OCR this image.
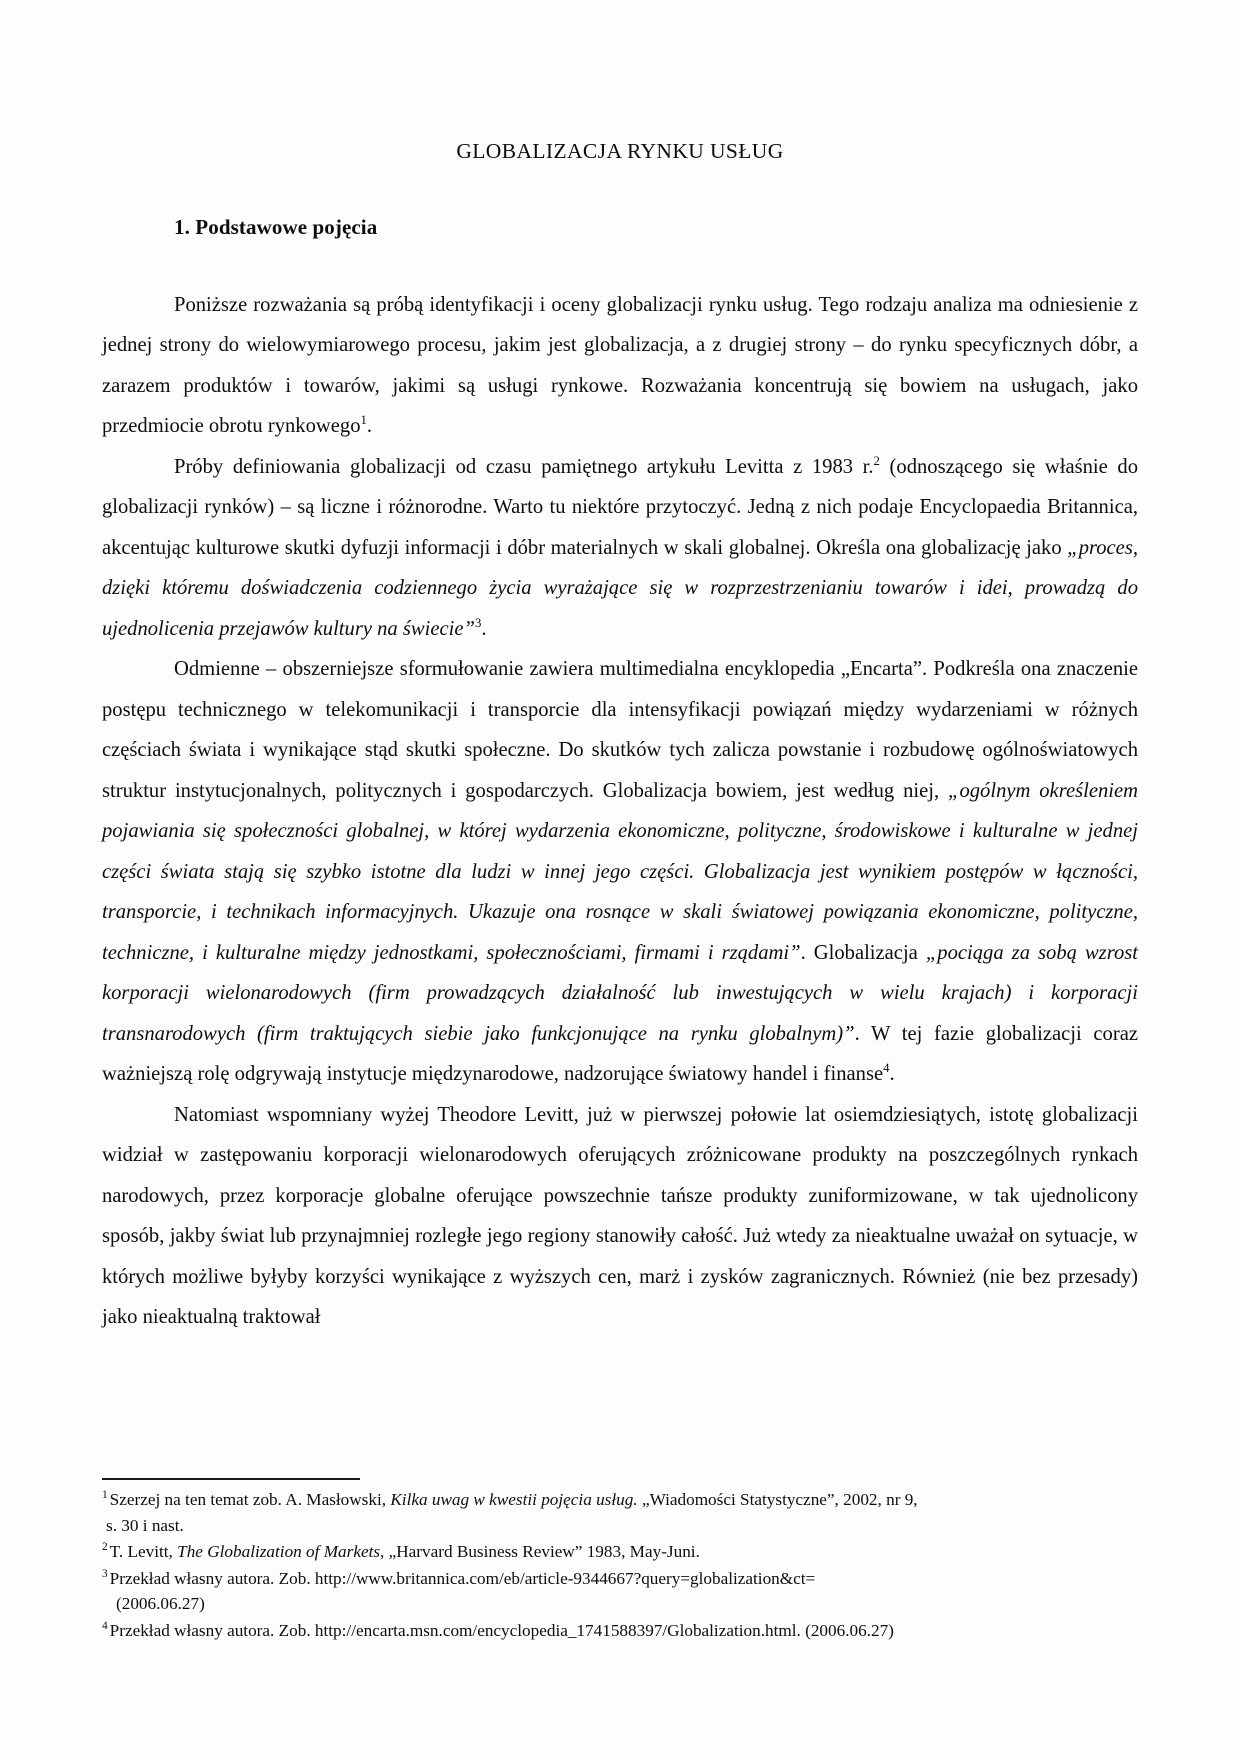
GLOBALIZACJA RYNKU USŁUG
1. Podstawowe pojęcia

Poniższe rozważania są próbą identyfikacji i oceny globalizacji rynku usług. Tego rodzaju analiza ma odniesienie z jednej strony do wielowymiarowego procesu, jakim jest globalizacja, a z drugiej strony – do rynku specyficznych dóbr, a zarazem produktów i towarów, jakimi są usługi rynkowe. Rozważania koncentrują się bowiem na usługach, jako przedmiocie obrotu rynkowego$^1$.

Próby definiowania globalizacji od czasu pamiętnego artykułu Levitta z 1983 r.$^2$ (odnoszącego się właśnie do globalizacji rynków) – są liczne i różnorodne. Warto tu niektóre przytoczyć. Jedną z nich podaje Encyclopaedia Britannica, akcentując kulturowe skutki dyfuzji informacji i dóbr materialnych w skali globalnej. Określa ona globalizację jako „proces, dzięki któremu doświadczenia codziennego życia wyrażające się w rozprzestrzenianiu towarów i idei, prowadzą do ujednolicenia przejawów kultury na świecie”$^3$.

Odmienne – obszerniejsze sformułowanie zawiera multimedialna encyklopedia „Encarta”. Podkreśla ona znaczenie postępu technicznego w telekomunikacji i transporcie dla intensyfikacji powiązań między wydarzeniami w różnych częściach świata i wynikające stąd skutki społeczne. Do skutków tych zalicza powstanie i rozbudowę ogólnoświatowych struktur instytucjonalnych, politycznych i gospodarczych. Globalizacja bowiem, jest według niej, „ogólnym określeniem pojawiania się społeczności globalnej, w której wydarzenia ekonomiczne, polityczne, środowiskowe i kulturalne w jednej części świata stają się szybko istotne dla ludzi w innej jego części. Globalizacja jest wynikiem postępów w łączności, transporcie, i technikach informacyjnych. Ukazuje ona rosnące w skali światowej powiązania ekonomiczne, polityczne, techniczne, i kulturalne między jednostkami, społecznościami, firmami i rządami”. Globalizacja „pociąga za sobą wzrost korporacji wielonarodowych (firm prowadzących działalność lub inwestujących w wielu krajach) i korporacji transnarodowych (firm traktujących siebie jako funkcjonujące na rynku globalnym)”. W tej fazie globalizacji coraz ważniejszą rolę odgrywają instytucje międzynarodowe, nadzorujące światowy handel i finanse$^4$.

Natomiast wspomniany wyżej Theodore Levitt, już w pierwszej połowie lat osiemdziesiątych, istotę globalizacji widział w zastępowaniu korporacji wielonarodowych oferujących zróżnicowane produkty na poszczególnych rynkach narodowych, przez korporacje globalne oferujące powszechnie tańsze produkty zuniformizowane, w tak ujednolicony sposób, jakby świat lub przynajmniej rozległe jego regiony stanowiły całość. Już wtedy za nieaktualne uważał on sytuacje, w których możliwe byłyby korzyści wynikające z wyższych cen, marż i zysków zagranicznych. Również (nie bez przesady) jako nieaktualną traktował

$^1$ Szerzej na ten temat zob. A. Masłowski, Kilka uwag w kwestii pojęcia usług. „Wiadomości Statystyczne”, 2002, nr 9,
s. 30 i nast.

$^2$ T. Levitt, The Globalization of Markets, „Harvard Business Review” 1983, May-Juni.

$^3$ Przekład własny autora. Zob. http://www.britannica.com/eb/article-9344667?query=globalization&ct=
(2006.06.27)

$^4$ Przekład własny autora. Zob. http://encarta.msn.com/encyclopedia_1741588397/Globalization.html. (2006.06.27)
